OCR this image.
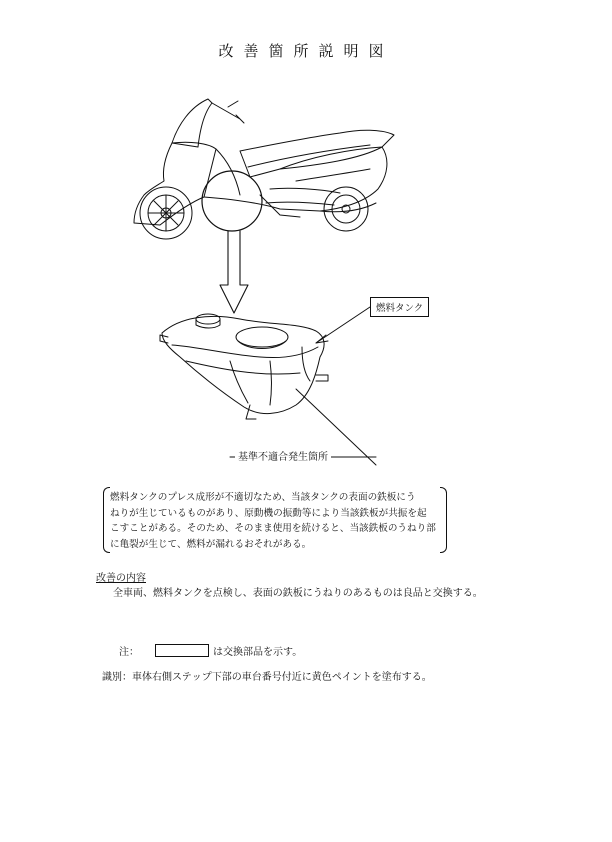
改善箇所説明図
燃料タンク
基準不適合発生箇所
燃料タンクのプレス成形が不適切なため、当該タンクの表面の鉄板にう
ねりが生じているものがあり、原動機の振動等により当該鉄板が共振を起
こすことがある。そのため、そのまま使用を続けると、当該鉄板のうねり部
に亀裂が生じて、燃料が漏れるおそれがある。
改善の内容
全車両、燃料タンクを点検し、表面の鉄板にうねりのあるものは良品と交換する。
注：	は交換部品を示す。
識別：車体右側ステップ下部の車台番号付近に黄色ペイントを塗布する。
